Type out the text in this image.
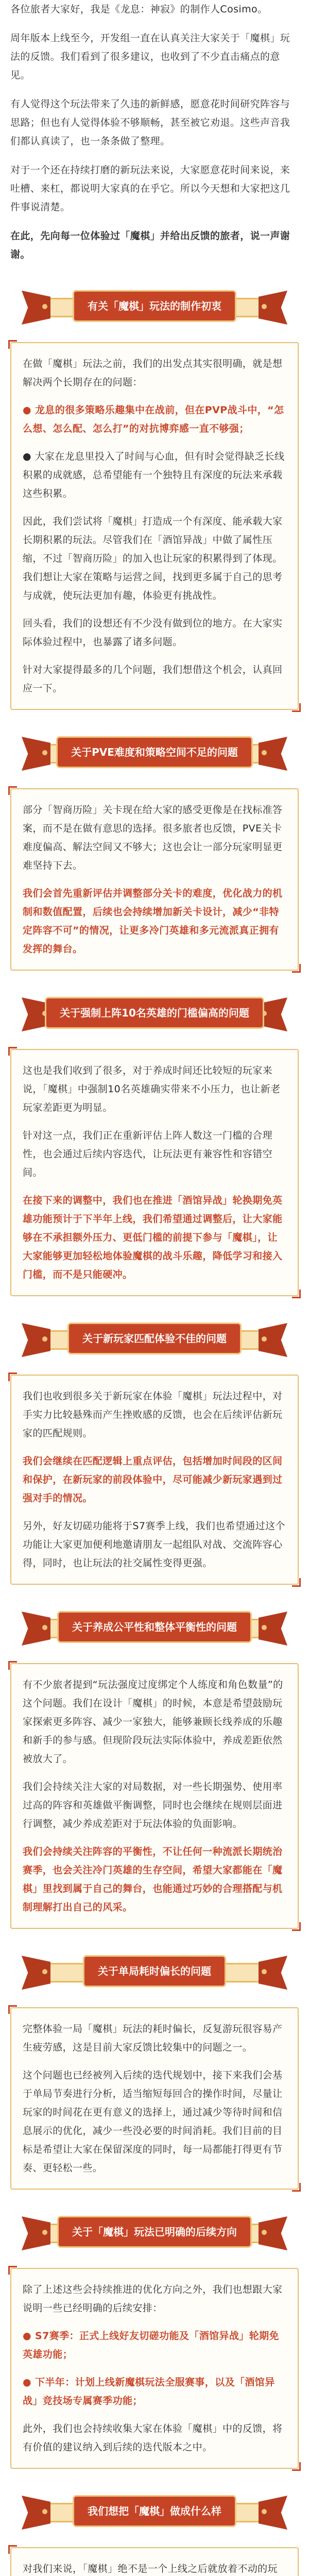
各位旅者大家好，我是《龙息：神寂》的制作人Cosimo。

周年版本上线至今，开发组一直在认真关注大家关于「魔棋」玩法的反馈。我们看到了很多建议，也收到了不少直击痛点的意见。

有人觉得这个玩法带来了久违的新鲜感，愿意花时间研究阵容与思路；但也有人觉得体验不够顺畅，甚至被它劝退。这些声音我们都认真读了，也一条条做了整理。

对于一个还在持续打磨的新玩法来说，大家愿意花时间来说，来吐槽、来杠，都说明大家真的在乎它。所以今天想和大家把这几件事说清楚。

在此，先向每一位体验过「魔棋」并给出反馈的旅者，说一声谢谢。

有关「魔棋」玩法的制作初衷

在做「魔棋」玩法之前，我们的出发点其实很明确，就是想解决两个长期存在的问题：

● 龙息的很多策略乐趣集中在战前，但在PVP战斗中，“怎么想、怎么配、怎么打”的对抗博弈感一直不够强；

● 大家在龙息里投入了时间与心血，但有时会觉得缺乏长线积累的成就感，总希望能有一个独特且有深度的玩法来承载这些积累。

因此，我们尝试将「魔棋」打造成一个有深度、能承载大家长期积累的玩法。尽管我们在「酒馆异战」中做了属性压缩，不过「智商历险」的加入也让玩家的积累得到了体现。我们想让大家在策略与运营之间，找到更多属于自己的思考与成就，使玩法更加有趣，体验更有挑战性。

回头看，我们的设想还有不少没有做到位的地方。在大家实际体验过程中，也暴露了诸多问题。

针对大家提得最多的几个问题，我们想借这个机会，认真回应一下。

关于PVE难度和策略空间不足的问题

部分「智商历险」关卡现在给大家的感受更像是在找标准答案，而不是在做有意思的选择。很多旅者也反馈，PVE关卡难度偏高、解法空间又不够大；这也会让一部分玩家明显更难坚持下去。

我们会首先重新评估并调整部分关卡的难度，优化战力的机制和数值配置，后续也会持续增加新关卡设计，减少“非特定阵容不可”的情况，让更多冷门英雄和多元流派真正拥有发挥的舞台。

关于强制上阵10名英雄的门槛偏高的问题

这也是我们收到了很多，对于养成时间还比较短的玩家来说，「魔棋」中强制10名英雄确实带来不小压力，也让新老玩家差距更为明显。

针对这一点，我们正在重新评估上阵人数这一门槛的合理性，也会通过后续内容迭代，让玩法更有兼容性和容错空间。

在接下来的调整中，我们也在推进「酒馆异战」轮换期免英雄功能预计于下半年上线，我们希望通过调整后，让大家能够在不承担额外压力、更低门槛的前提下参与「魔棋」，让大家能够更加轻松地体验魔棋的战斗乐趣，降低学习和接入门槛，而不是只能硬冲。

关于新玩家匹配体验不佳的问题

我们也收到很多关于新玩家在体验「魔棋」玩法过程中，对手实力比较悬殊而产生挫败感的反馈，也会在后续评估新玩家的匹配规则。

我们会继续在匹配逻辑上重点评估，包括增加时间段的区间和保护，在新玩家的前段体验中，尽可能减少新玩家遇到过强对手的情况。

另外，好友切磋功能将于S7赛季上线，我们也希望通过这个功能让大家更加便利地邀请朋友一起组队对战、交流阵容心得，同时，也让玩法的社交属性变得更强。

关于养成公平性和整体平衡性的问题

有不少旅者提到“玩法强度过度绑定个人练度和角色数量”的这个问题。我们在设计「魔棋」的时候，本意是希望鼓励玩家探索更多阵容、减少一家独大，能够兼顾长线养成的乐趣和新手的参与感。但现阶段玩法实际体验中，养成差距依然被放大了。

我们会持续关注大家的对局数据，对一些长期强势、使用率过高的阵容和英雄做平衡调整，同时也会继续在规则层面进行调整，减少养成差距对于玩法体验的负面影响。

我们会持续关注阵容的平衡性，不让任何一种流派长期统治赛季，也会关注冷门英雄的生存空间，希望大家都能在「魔棋」里找到属于自己的舞台，也能通过巧妙的合理搭配与机制理解打出自己的风采。

关于单局耗时偏长的问题

完整体验一局「魔棋」玩法的耗时偏长，反复游玩很容易产生疲劳感，这是目前大家反馈比较集中的问题之一。

这个问题也已经被列入后续的迭代规划中，接下来我们会基于单局节奏进行分析，适当缩短每回合的操作时间，尽量让玩家的时间花在更有意义的选择上，通过减少等待时间和信息展示的优化，减少一些没必要的时间消耗。我们目前的目标是希望让大家在保留深度的同时，每一局都能打得更有节奏、更轻松一些。

关于「魔棋」玩法已明确的后续方向

除了上述这些会持续推进的优化方向之外，我们也想跟大家说明一些已经明确的后续安排：

● S7赛季：正式上线好友切磋功能及「酒馆异战」轮期免英雄功能；

● 下半年：计划上线新魔棋玩法全服赛事，以及「酒馆异战」竞技场专属赛季功能；

此外，我们也会持续收集大家在体验「魔棋」中的反馈，将有价值的建议纳入到后续的迭代版本之中。

我们想把「魔棋」做成什么样

对我们来说，「魔棋」绝不是一个上线之后就放着不动的玩
